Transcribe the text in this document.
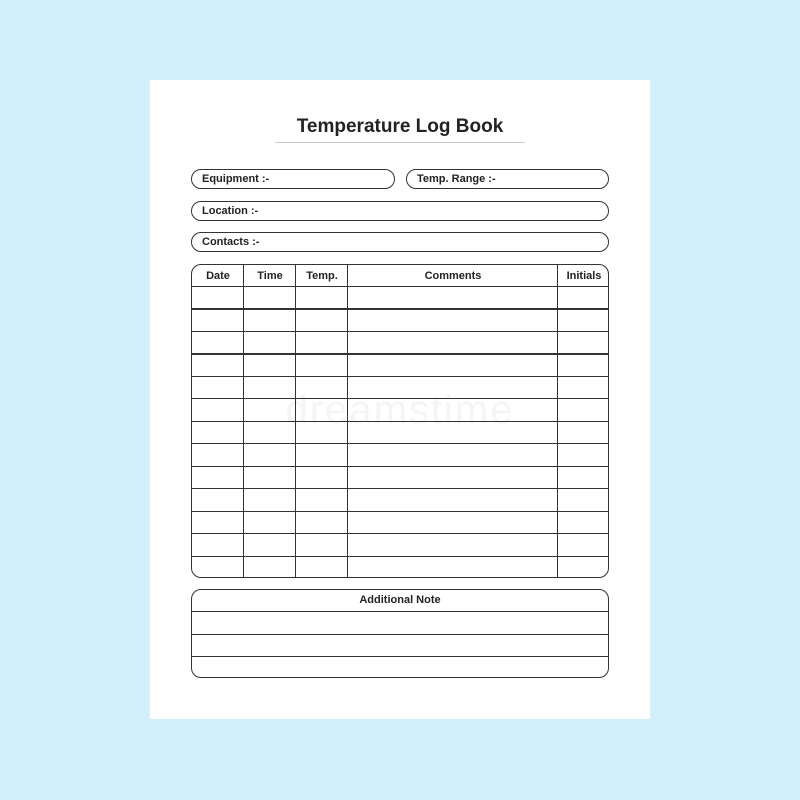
Temperature Log Book
Equipment :-	Temp. Range :-
Location :-
Contacts :-
Date	Time	Temp.	Comments	Initials
Additional Note
